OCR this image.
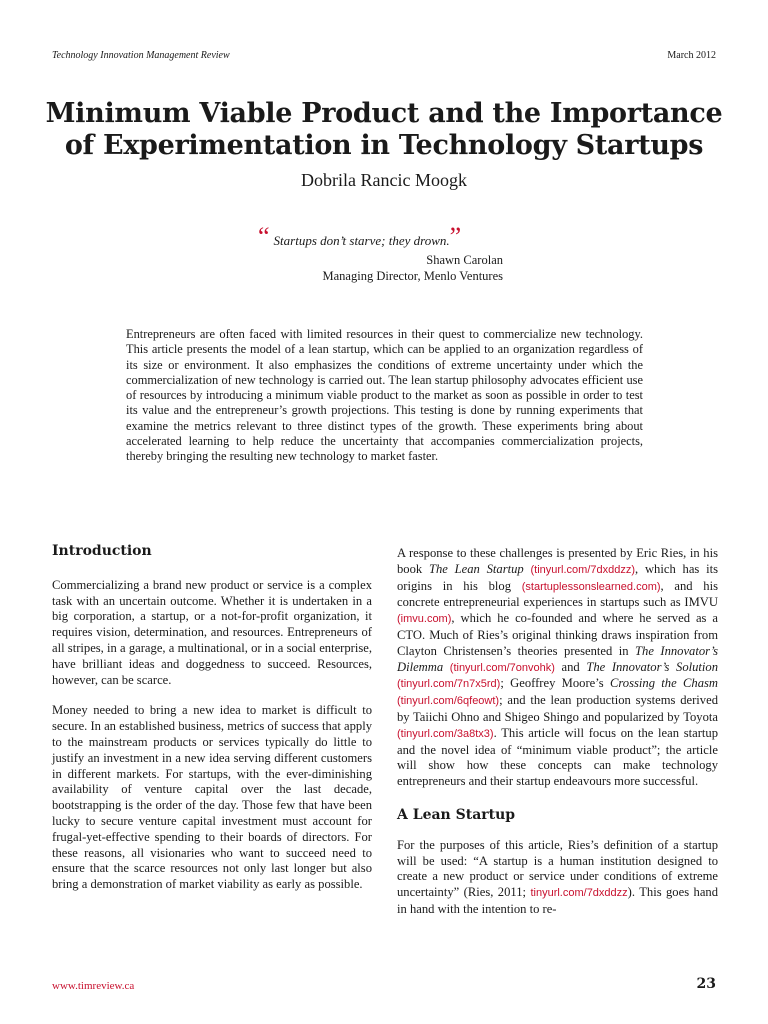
Technology Innovation Management Review	March 2012
Minimum Viable Product and the Importance
of Experimentation in Technology Startups
Dobrila Rancic Moogk
“ Startups don’t starve; they drown.”
Shawn Carolan
Managing Director, Menlo Ventures
Entrepreneurs are often faced with limited resources in their quest to commercialize new technology. This article presents the model of a lean startup, which can be applied to an organization regardless of its size or environment. It also emphasizes the conditions of extreme uncertainty under which the commercialization of new technology is carried out. The lean startup philosophy advocates efficient use of resources by introducing a minimum viable product to the market as soon as possible in order to test its value and the entrepreneur’s growth projections. This testing is done by running experiments that examine the metrics relevant to three distinct types of the growth. These experiments bring about accelerated learning to help reduce the uncertainty that accompanies commercialization projects, thereby bringing the resulting new technology to market faster.
Introduction

Commercializing a brand new product or service is a complex task with an uncertain outcome. Whether it is undertaken in a big corporation, a startup, or a not-for-profit organization, it requires vision, determination, and resources. Entrepreneurs of all stripes, in a garage, a multinational, or in a social enterprise, have brilliant ideas and doggedness to succeed. Resources, however, can be scarce.

Money needed to bring a new idea to market is difficult to secure. In an established business, metrics of success that apply to the mainstream products or services typically do little to justify an investment in a new idea serving different customers in different markets. For startups, with the ever-diminishing availability of venture capital over the last decade, bootstrapping is the order of the day. Those few that have been lucky to secure venture capital investment must account for frugal-yet-effective spending to their boards of directors. For these reasons, all visionaries who want to succeed need to ensure that the scarce resources not only last longer but also bring a demonstration of market viability as early as possible.

A response to these challenges is presented by Eric Ries, in his book The Lean Startup (tinyurl.com/7dxddzz), which has its origins in his blog (startuplessonslearned.com), and his concrete entrepreneurial experiences in startups such as IMVU (imvu.com), which he co-founded and where he served as a CTO. Much of Ries’s original thinking draws inspiration from Clayton Christensen’s theories presented in The Innovator’s Dilemma (tinyurl.com/7onvohk) and The Innovator’s Solution (tinyurl.com/7n7x5rd); Geoffrey Moore’s Crossing the Chasm (tinyurl.com/6qfeowt); and the lean production systems derived by Taiichi Ohno and Shigeo Shingo and popularized by Toyota (tinyurl.com/3a8tx3). This article will focus on the lean startup and the novel idea of “minimum viable product”; the article will show how these concepts can make technology entrepreneurs and their startup endeavours more successful.

A Lean Startup

For the purposes of this article, Ries’s definition of a startup will be used: “A startup is a human institution designed to create a new product or service under conditions of extreme uncertainty” (Ries, 2011; tinyurl.com/7dxddzz). This goes hand in hand with the intention to re-

www.timreview.ca	23
